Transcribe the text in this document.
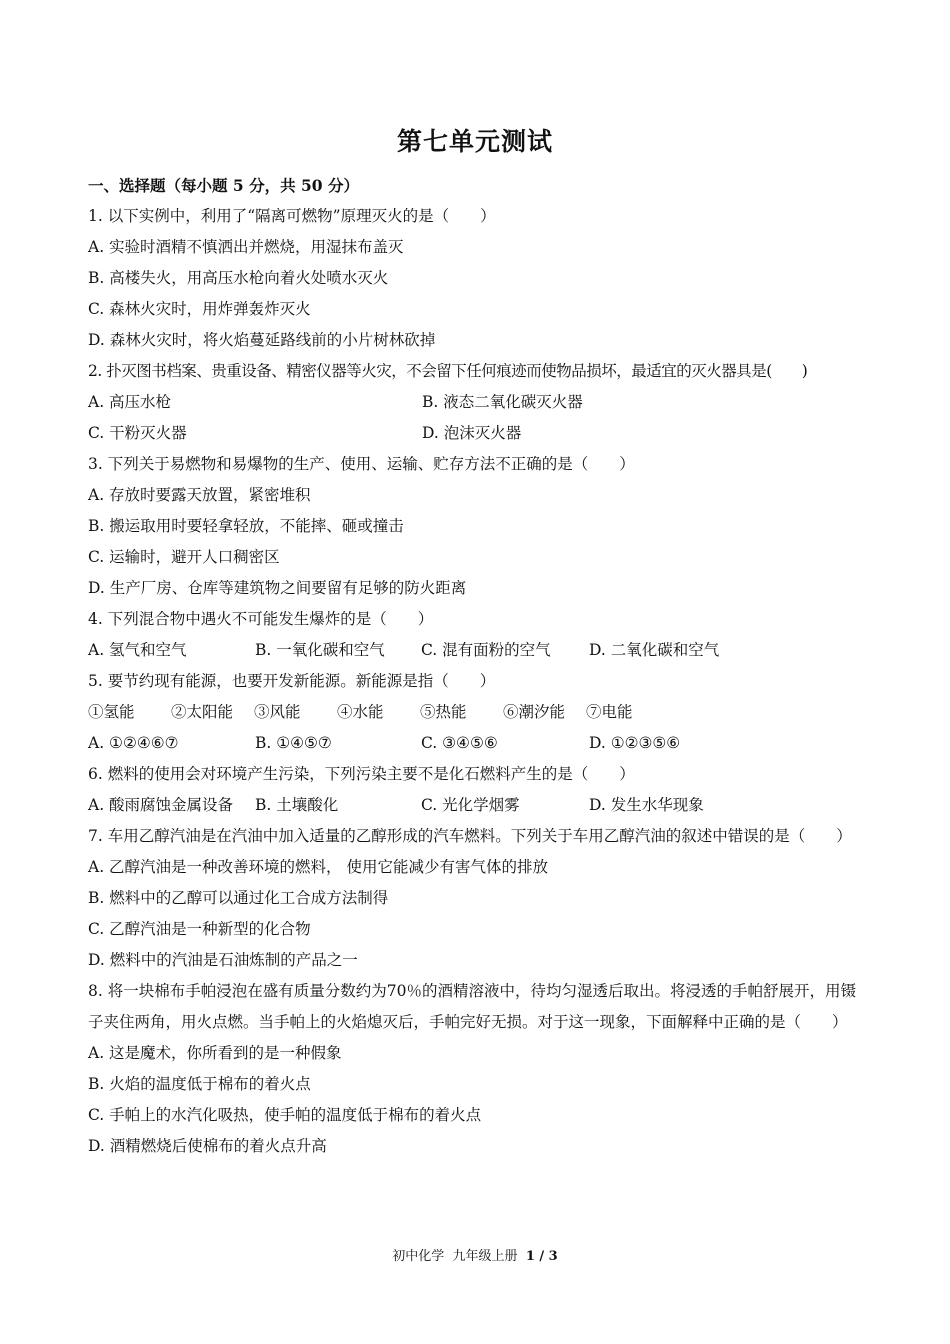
第七单元测试
一、选择题（每小题 5 分，共 50 分）
1. 以下实例中，利用了“隔离可燃物”原理灭火的是（　　）
A. 实验时酒精不慎洒出并燃烧，用湿抹布盖灭
B. 高楼失火，用高压水枪向着火处喷水灭火
C. 森林火灾时，用炸弹轰炸灭火
D. 森林火灾时，将火焰蔓延路线前的小片树林砍掉
2. 扑灭图书档案、贵重设备、精密仪器等火灾，不会留下任何痕迹而使物品损坏，最适宜的灭火器具是(　　)
A. 高压水枪	B. 液态二氧化碳灭火器
C. 干粉灭火器	D. 泡沫灭火器
3. 下列关于易燃物和易爆物的生产、使用、运输、贮存方法不正确的是（　　）
A. 存放时要露天放置，紧密堆积
B. 搬运取用时要轻拿轻放，不能摔、砸或撞击
C. 运输时，避开人口稠密区
D. 生产厂房、仓库等建筑物之间要留有足够的防火距离
4. 下列混合物中遇火不可能发生爆炸的是（　　）
A. 氢气和空气	B. 一氧化碳和空气	C. 混有面粉的空气	D. 二氧化碳和空气
5. 要节约现有能源，也要开发新能源。新能源是指（　　）
①氢能	②太阳能	③风能	④水能	⑤热能	⑥潮汐能	⑦电能
A. ①②④⑥⑦	B. ①④⑤⑦	C. ③④⑤⑥	D. ①②③⑤⑥
6. 燃料的使用会对环境产生污染，下列污染主要不是化石燃料产生的是（　　）
A. 酸雨腐蚀金属设备	B. 土壤酸化	C. 光化学烟雾	D. 发生水华现象
7. 车用乙醇汽油是在汽油中加入适量的乙醇形成的汽车燃料。下列关于车用乙醇汽油的叙述中错误的是（　　）
A. 乙醇汽油是一种改善环境的燃料， 使用它能减少有害气体的排放
B. 燃料中的乙醇可以通过化工合成方法制得
C. 乙醇汽油是一种新型的化合物
D. 燃料中的汽油是石油炼制的产品之一
8. 将一块棉布手帕浸泡在盛有质量分数约为70％的酒精溶液中，待均匀湿透后取出。将浸透的手帕舒展开，用镊子夹住两角，用火点燃。当手帕上的火焰熄灭后，手帕完好无损。对于这一现象，下面解释中正确的是（　　）
A. 这是魔术，你所看到的是一种假象
B. 火焰的温度低于棉布的着火点
C. 手帕上的水汽化吸热，使手帕的温度低于棉布的着火点
D. 酒精燃烧后使棉布的着火点升高
初中化学 九年级上册 1 / 3
